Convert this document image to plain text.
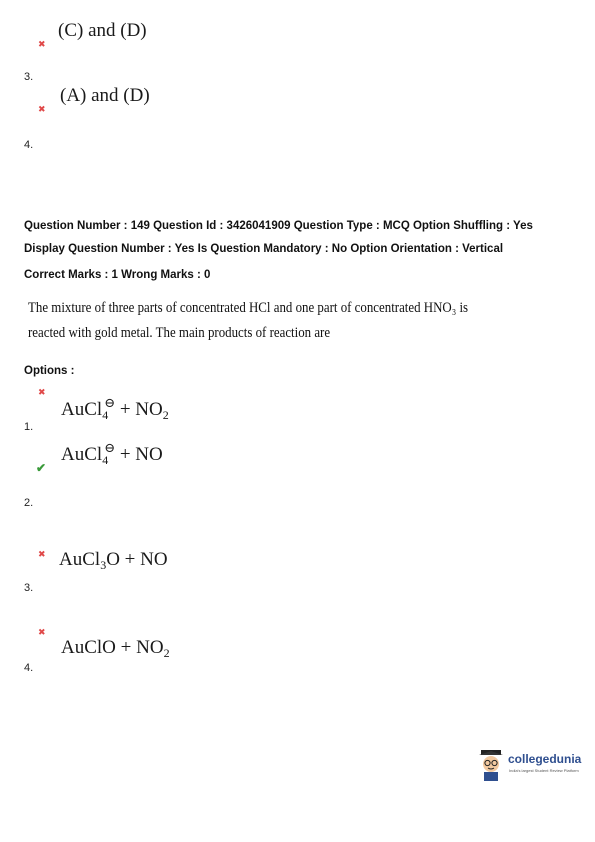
✖
(C) and (D)
3.
✖
(A) and (D)
4.
Question Number : 149 Question Id : 3426041909 Question Type : MCQ Option Shuffling : Yes
Display Question Number : Yes Is Question Mandatory : No Option Orientation : Vertical
Correct Marks : 1 Wrong Marks : 0
The mixture of three parts of concentrated HCl and one part of concentrated HNO₃ is
reacted with gold metal. The main products of reaction are
Options :
✖
AuCl$_4$⊖ + $NO_2$
1.
AuCl$_4$⊖ + NO
✔
2.
✖ AuCl$_3$O + NO
3.
✖
AuClO + $NO_2$
4.
collegedunia
India's largest Student Review Platform
